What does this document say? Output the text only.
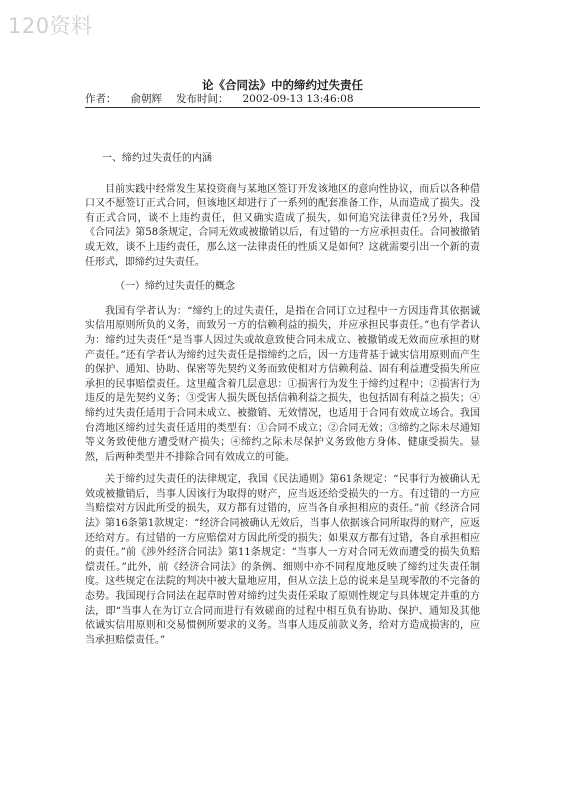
120资料
论《合同法》中的缔约过失责任
作者： 俞朝辉 发布时间： 2002-09-13 13:46:08
一、缔约过失责任的内涵

目前实践中经常发生某投资商与某地区签订开发该地区的意向性协议，而后以各种借口又不愿签订正式合同，但该地区却进行了一系列的配套准备工作，从而造成了损失。没有正式合同，谈不上违约责任，但又确实造成了损失，如何追究法律责任?另外，我国《合同法》第58条规定，合同无效或被撤销以后，有过错的一方应承担责任。合同被撤销或无效，谈不上违约责任，那么这一法律责任的性质又是如何？这就需要引出一个新的责任形式，即缔约过失责任。

（一）缔约过失责任的概念

我国有学者认为：“缔约上的过失责任，是指在合同订立过程中一方因违背其依据诚实信用原则所负的义务，而致另一方的信赖利益的损失，并应承担民事责任。”也有学者认为：缔约过失责任“是当事人因过失或故意致使合同未成立、被撤销或无效而应承担的财产责任。”还有学者认为缔约过失责任是指缔约之后，因一方违背基于诚实信用原则而产生的保护、通知、协助、保密等先契约义务而致使相对方信赖利益、固有利益遭受损失所应承担的民事赔偿责任。这里蕴含着几层意思：①损害行为发生于缔约过程中；②损害行为违反的是先契约义务；③受害人损失既包括信赖利益之损失，也包括固有利益之损失；④缔约过失责任适用于合同未成立、被撤销、无效情况，也适用于合同有效成立场合。我国台湾地区缔约过失责任适用的类型有：①合同不成立；②合同无效；③缔约之际未尽通知等义务致使他方遭受财产损失；④缔约之际未尽保护义务致他方身体、健康受损失。显然，后两种类型并不排除合同有效成立的可能。

关于缔约过失责任的法律规定，我国《民法通则》第61条规定：“民事行为被确认无效或被撤销后，当事人因该行为取得的财产，应当返还给受损失的一方。有过错的一方应当赔偿对方因此所受的损失，双方都有过错的，应当各自承担相应的责任。”前《经济合同法》第16条第1款规定：“经济合同被确认无效后，当事人依据该合同所取得的财产，应返还给对方。有过错的一方应赔偿对方因此所受的损失；如果双方都有过错，各自承担相应的责任。”前《涉外经济合同法》第11条规定：“当事人一方对合同无效而遭受的损失负赔偿责任。”此外，前《经济合同法》的条例、细则中亦不同程度地反映了缔约过失责任制度。这些规定在法院的判决中被大量地应用，但从立法上总的说来是呈现零散的不完备的态势。我国现行合同法在起草时曾对缔约过失责任采取了原则性规定与具体规定并重的方法，即“当事人在为订立合同而进行有效磋商的过程中相互负有协助、保护、通知及其他依诚实信用原则和交易惯例所要求的义务。当事人违反前款义务，给对方造成损害的，应当承担赔偿责任。”
